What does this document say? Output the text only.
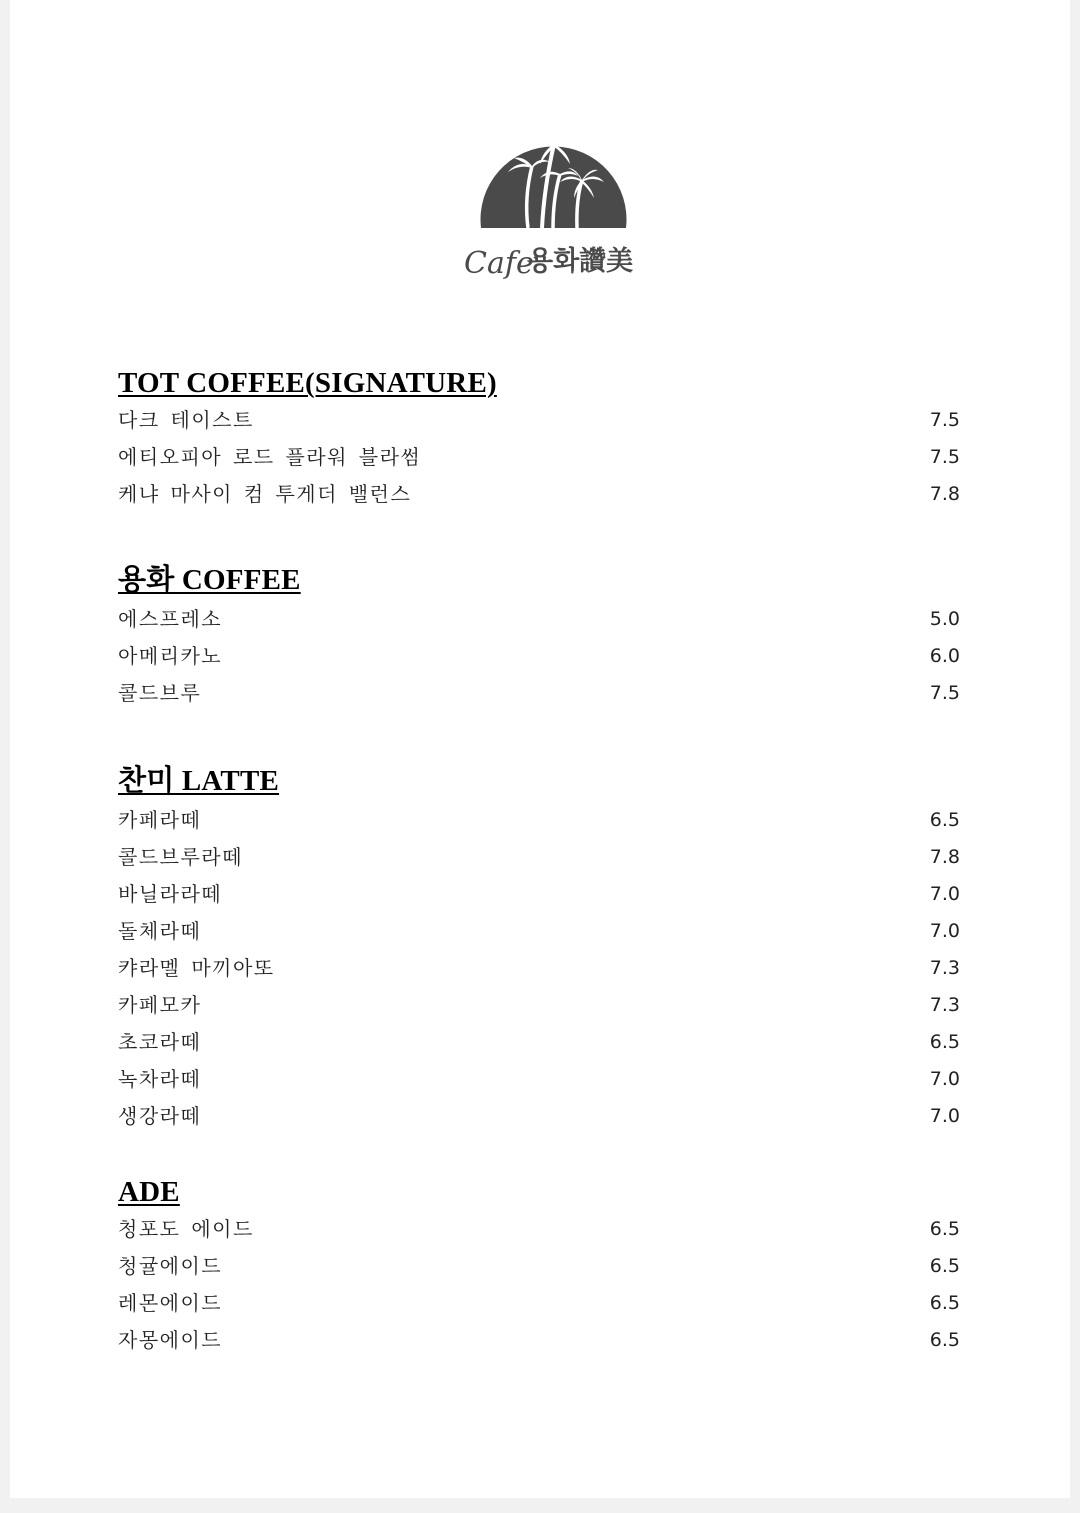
Cafe
용화讚美
TOT COFFEE(SIGNATURE)
다크 테이스트	7.5
에티오피아 로드 플라워 블라썸	7.5
케냐 마사이 컴 투게더 밸런스	7.8
용화 COFFEE
에스프레소	5.0
아메리카노	6.0
콜드브루	7.5
찬미 LATTE
카페라떼	6.5
콜드브루라떼	7.8
바닐라라떼	7.0
돌체라떼	7.0
캬라멜 마끼아또	7.3
카페모카	7.3
초코라떼	6.5
녹차라떼	7.0
생강라떼	7.0
ADE
청포도 에이드	6.5
청귤에이드	6.5
레몬에이드	6.5
자몽에이드	6.5
